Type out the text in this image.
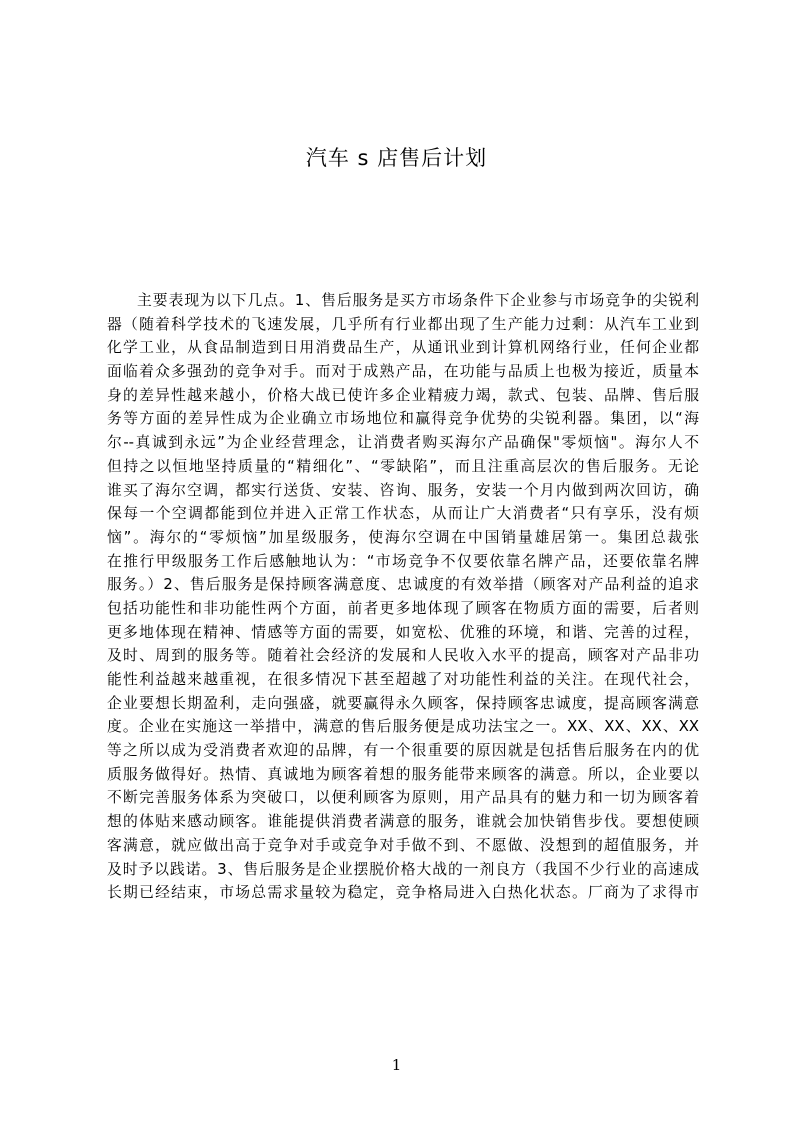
汽车 s 店售后计划
主要表现为以下几点。1、售后服务是买方市场条件下企业参与市场竞争的尖锐利
器（随着科学技术的飞速发展，几乎所有行业都出现了生产能力过剩：从汽车工业到
化学工业，从食品制造到日用消费品生产，从通讯业到计算机网络行业，任何企业都
面临着众多强劲的竞争对手。而对于成熟产品，在功能与品质上也极为接近，质量本
身的差异性越来越小，价格大战已使许多企业精疲力竭，款式、包装、品牌、售后服
务等方面的差异性成为企业确立市场地位和赢得竞争优势的尖锐利器。集团，以“海
尔--真诚到永远”为企业经营理念，让消费者购买海尔产品确保"零烦恼"。海尔人不
但持之以恒地坚持质量的“精细化”、“零缺陷”，而且注重高层次的售后服务。无论
谁买了海尔空调，都实行送货、安装、咨询、服务，安装一个月内做到两次回访，确
保每一个空调都能到位并进入正常工作状态，从而让广大消费者“只有享乐，没有烦
恼”。海尔的“零烦恼”加星级服务，使海尔空调在中国销量雄居第一。集团总裁张
在推行甲级服务工作后感触地认为：“市场竞争不仅要依靠名牌产品，还要依靠名牌
服务。）2、售后服务是保持顾客满意度、忠诚度的有效举措（顾客对产品利益的追求
包括功能性和非功能性两个方面，前者更多地体现了顾客在物质方面的需要，后者则
更多地体现在精神、情感等方面的需要，如宽松、优雅的环境，和谐、完善的过程，
及时、周到的服务等。随着社会经济的发展和人民收入水平的提高，顾客对产品非功
能性利益越来越重视，在很多情况下甚至超越了对功能性利益的关注。在现代社会，
企业要想长期盈利，走向强盛，就要赢得永久顾客，保持顾客忠诚度，提高顾客满意
度。企业在实施这一举措中，满意的售后服务便是成功法宝之一。XX、XX、XX、XX
等之所以成为受消费者欢迎的品牌，有一个很重要的原因就是包括售后服务在内的优
质服务做得好。热情、真诚地为顾客着想的服务能带来顾客的满意。所以，企业要以
不断完善服务体系为突破口，以便利顾客为原则，用产品具有的魅力和一切为顾客着
想的体贴来感动顾客。谁能提供消费者满意的服务，谁就会加快销售步伐。要想使顾
客满意，就应做出高于竞争对手或竞争对手做不到、不愿做、没想到的超值服务，并
及时予以践诺。3、售后服务是企业摆脱价格大战的一剂良方（我国不少行业的高速成
长期已经结束，市场总需求量较为稳定，竞争格局进入白热化状态。厂商为了求得市
1
